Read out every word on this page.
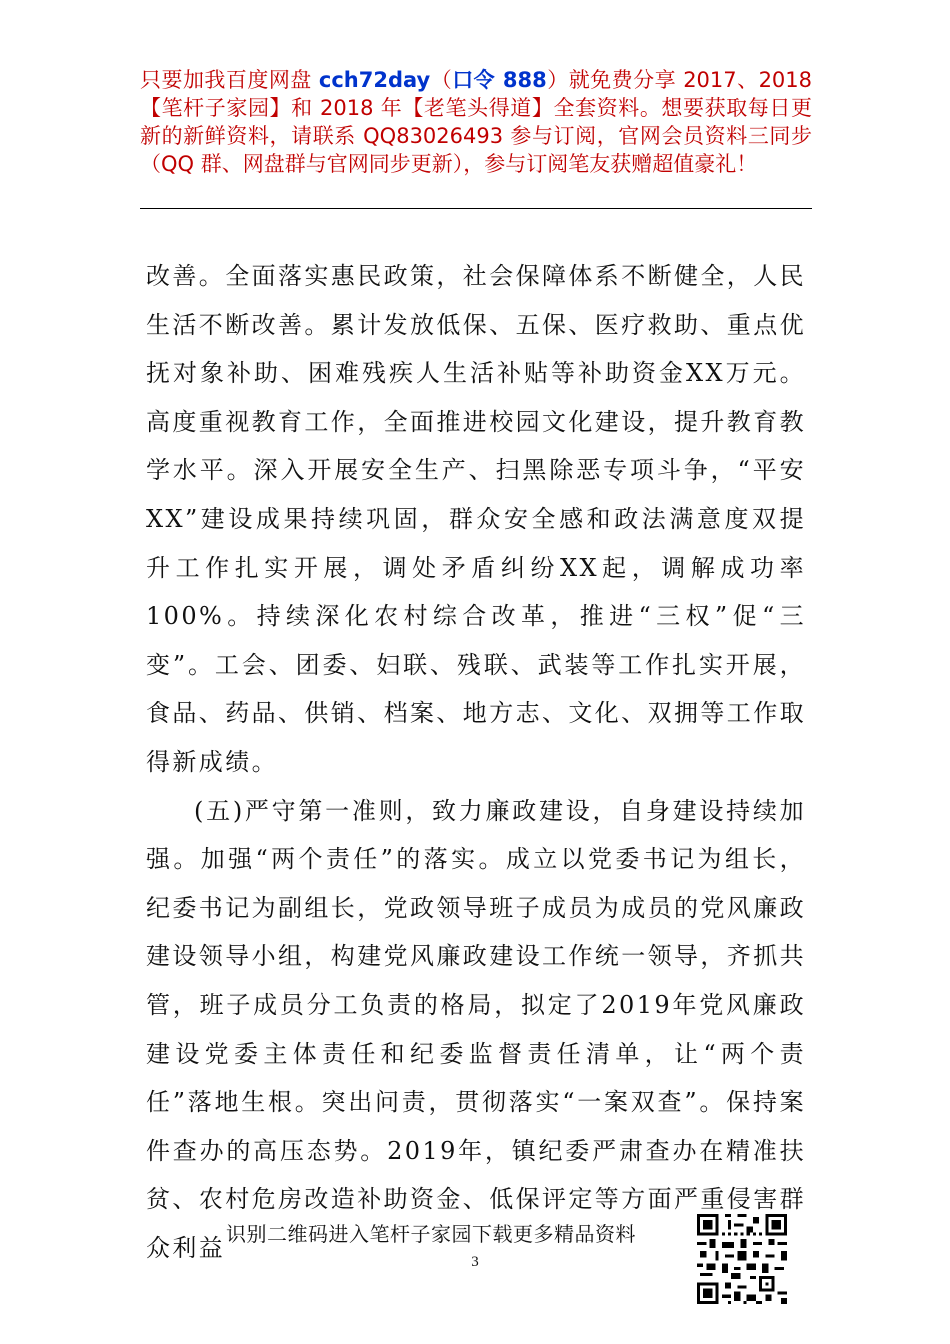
只要加我百度网盘 cch72day（口令 888）就免费分享 2017、2018【笔杆子家园】和 2018 年【老笔头得道】全套资料。想要获取每日更新的新鲜资料，请联系 QQ83026493 参与订阅，官网会员资料三同步（QQ 群、网盘群与官网同步更新），参与订阅笔友获赠超值豪礼！

改善。全面落实惠民政策，社会保障体系不断健全，人民生活不断改善。累计发放低保、五保、医疗救助、重点优抚对象补助、困难残疾人生活补贴等补助资金XX万元。高度重视教育工作，全面推进校园文化建设，提升教育教学水平。深入开展安全生产、扫黑除恶专项斗争，“平安XX”建设成果持续巩固，群众安全感和政法满意度双提升工作扎实开展，调处矛盾纠纷XX起，调解成功率100%。持续深化农村综合改革，推进“三权”促“三变”。工会、团委、妇联、残联、武装等工作扎实开展，食品、药品、供销、档案、地方志、文化、双拥等工作取得新成绩。

(五)严守第一准则，致力廉政建设，自身建设持续加强。加强“两个责任”的落实。成立以党委书记为组长，纪委书记为副组长，党政领导班子成员为成员的党风廉政建设领导小组，构建党风廉政建设工作统一领导，齐抓共管，班子成员分工负责的格局，拟定了2019年党风廉政建设党委主体责任和纪委监督责任清单，让“两个责任”落地生根。突出问责，贯彻落实“一案双查”。保持案件查办的高压态势。2019年，镇纪委严肃查办在精准扶贫、农村危房改造补助资金、低保评定等方面严重侵害群众利益 识别二维码进入笔杆子家园下载更多精品资料
3
